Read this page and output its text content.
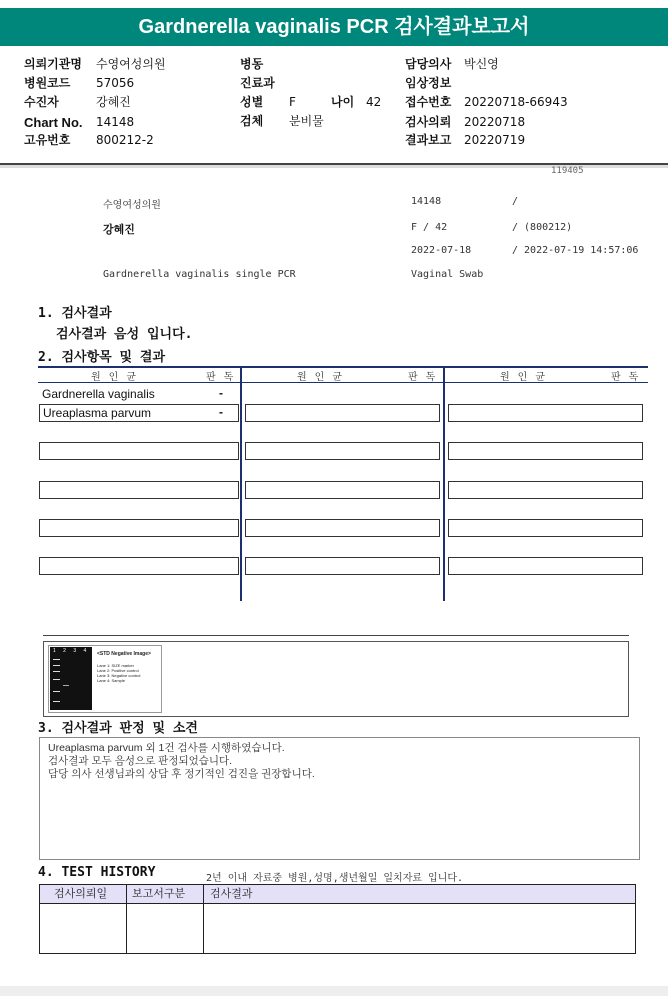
Gardnerella vaginalis PCR 검사결과보고서
의뢰기관명 수영여성의원
병원코드 57056
수진자	강혜진
Chart No. 14148
고유번호 800212-2
병동
진료과
성별 F	나이 42
검체 분비물
담당의사 박신영
임상정보
접수번호 20220718-66943
검사의뢰 20220718
결과보고 20220719
119405
수영여성의원	14148	/
강혜진	F / 42	/ (800212)
2022-07-18	/ 2022-07-19 14:57:06
Gardnerella vaginalis single PCR	Vaginal Swab
1. 검사결과
검사결과 음성 입니다.
2. 검사항목 및 결과
원 인 균	판 독	원 인 균	판 독	원 인 균	판 독
Gardnerella vaginalis	-
Ureaplasma parvum	-
1 2 3 4 <STD Negative Image>
Lane 1: SIZE marker
Lane 2: Positive control
Lane 3: Negative control
Lane 4: Sample
3. 검사결과 판정 및 소견
Ureaplasma parvum 외 1건 검사를 시행하였습니다.
검사결과 모두 음성으로 판정되었습니다.
담당 의사 선생님과의 상담 후 정기적인 검진을 권장합니다.
4. TEST HISTORY	2년 이내 자료중 병원,성명,생년월일 일치자료 입니다.
검사의뢰일 보고서구분 검사결과
